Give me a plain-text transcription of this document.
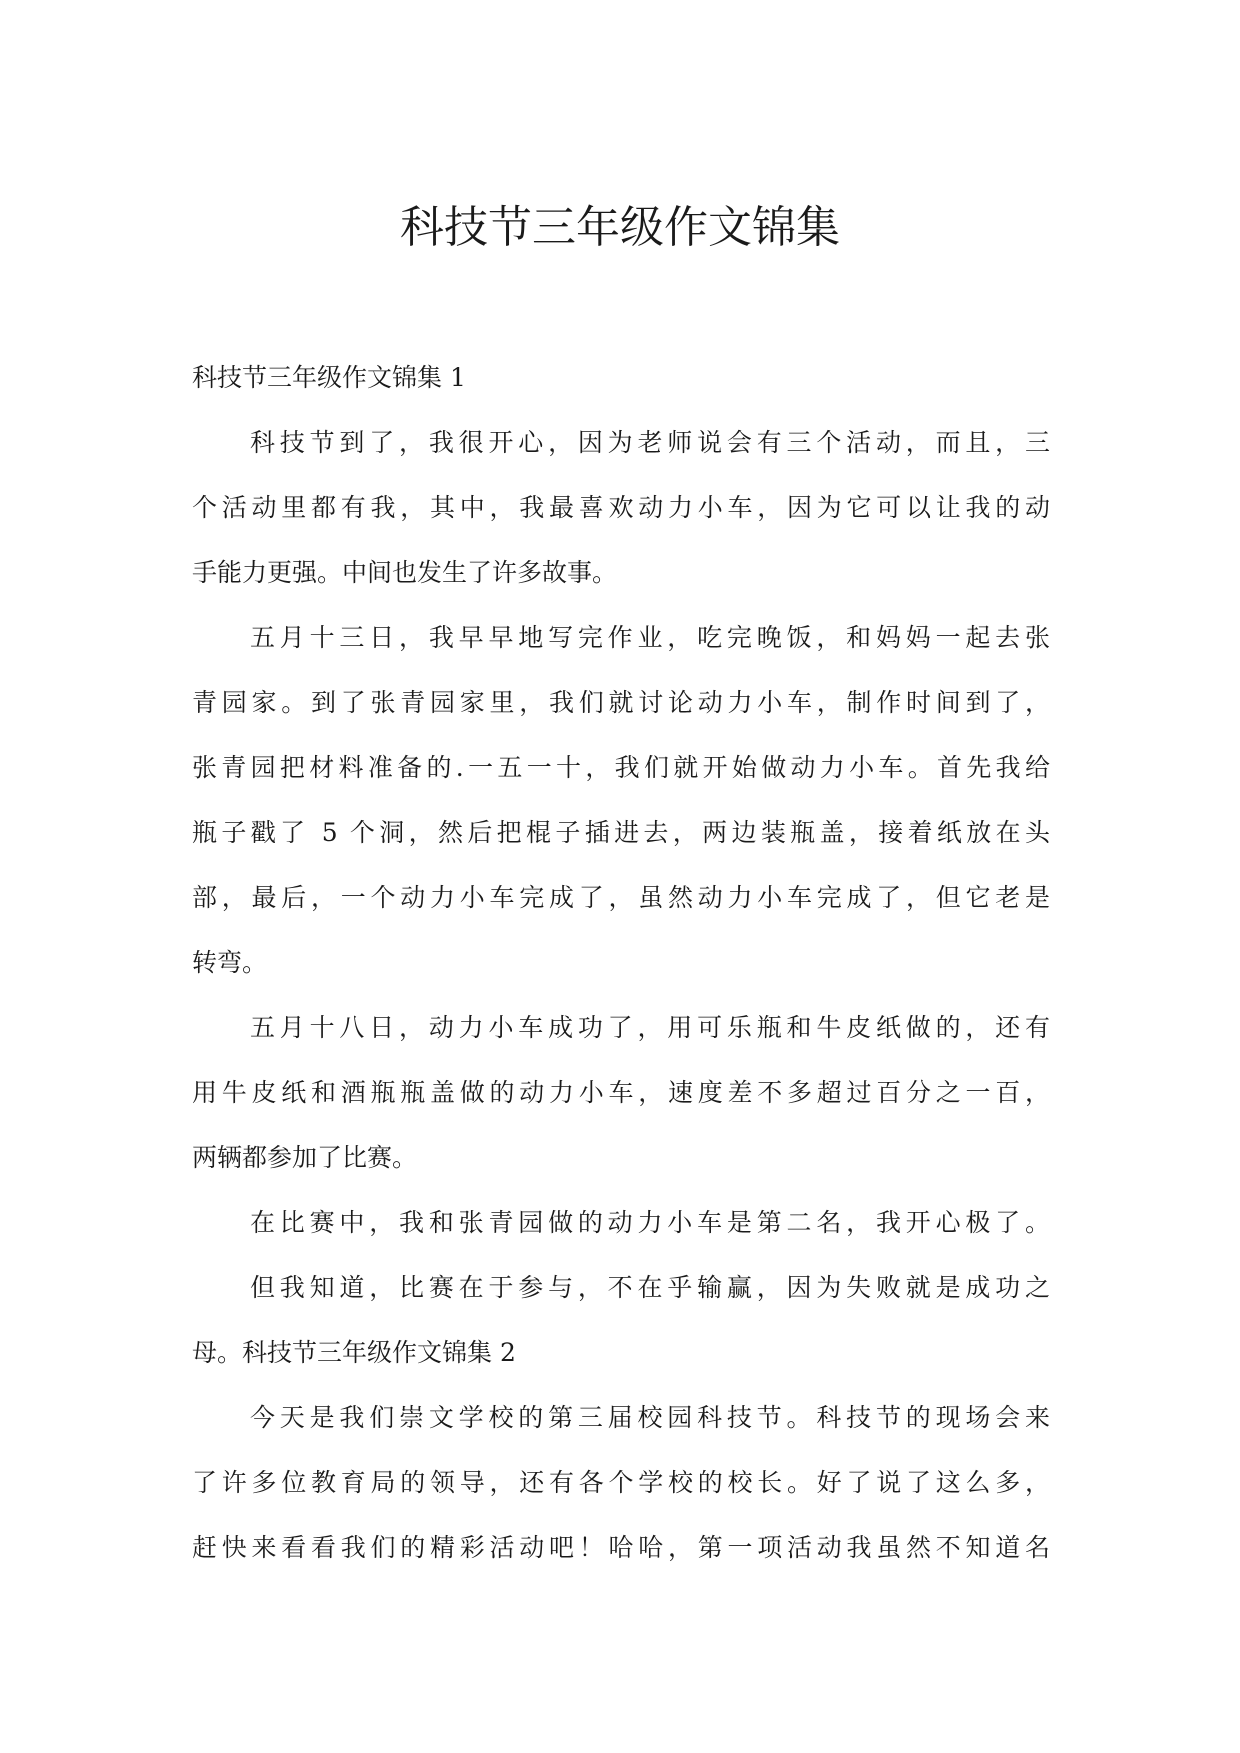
科技节三年级作文锦集
科技节三年级作文锦集 1
科技节到了，我很开心，因为老师说会有三个活动，而且，三
个活动里都有我，其中，我最喜欢动力小车，因为它可以让我的动
手能力更强。中间也发生了许多故事。
五月十三日，我早早地写完作业，吃完晚饭，和妈妈一起去张
青园家。到了张青园家里，我们就讨论动力小车，制作时间到了，
张青园把材料准备的.一五一十，我们就开始做动力小车。首先我给
瓶子戳了 5 个洞，然后把棍子插进去，两边装瓶盖，接着纸放在头
部，最后，一个动力小车完成了，虽然动力小车完成了，但它老是
转弯。
五月十八日，动力小车成功了，用可乐瓶和牛皮纸做的，还有
用牛皮纸和酒瓶瓶盖做的动力小车，速度差不多超过百分之一百，
两辆都参加了比赛。
在比赛中，我和张青园做的动力小车是第二名，我开心极了。
但我知道，比赛在于参与，不在乎输赢，因为失败就是成功之
母。科技节三年级作文锦集 2
今天是我们崇文学校的第三届校园科技节。科技节的现场会来
了许多位教育局的领导，还有各个学校的校长。好了说了这么多，
赶快来看看我们的精彩活动吧！哈哈，第一项活动我虽然不知道名
